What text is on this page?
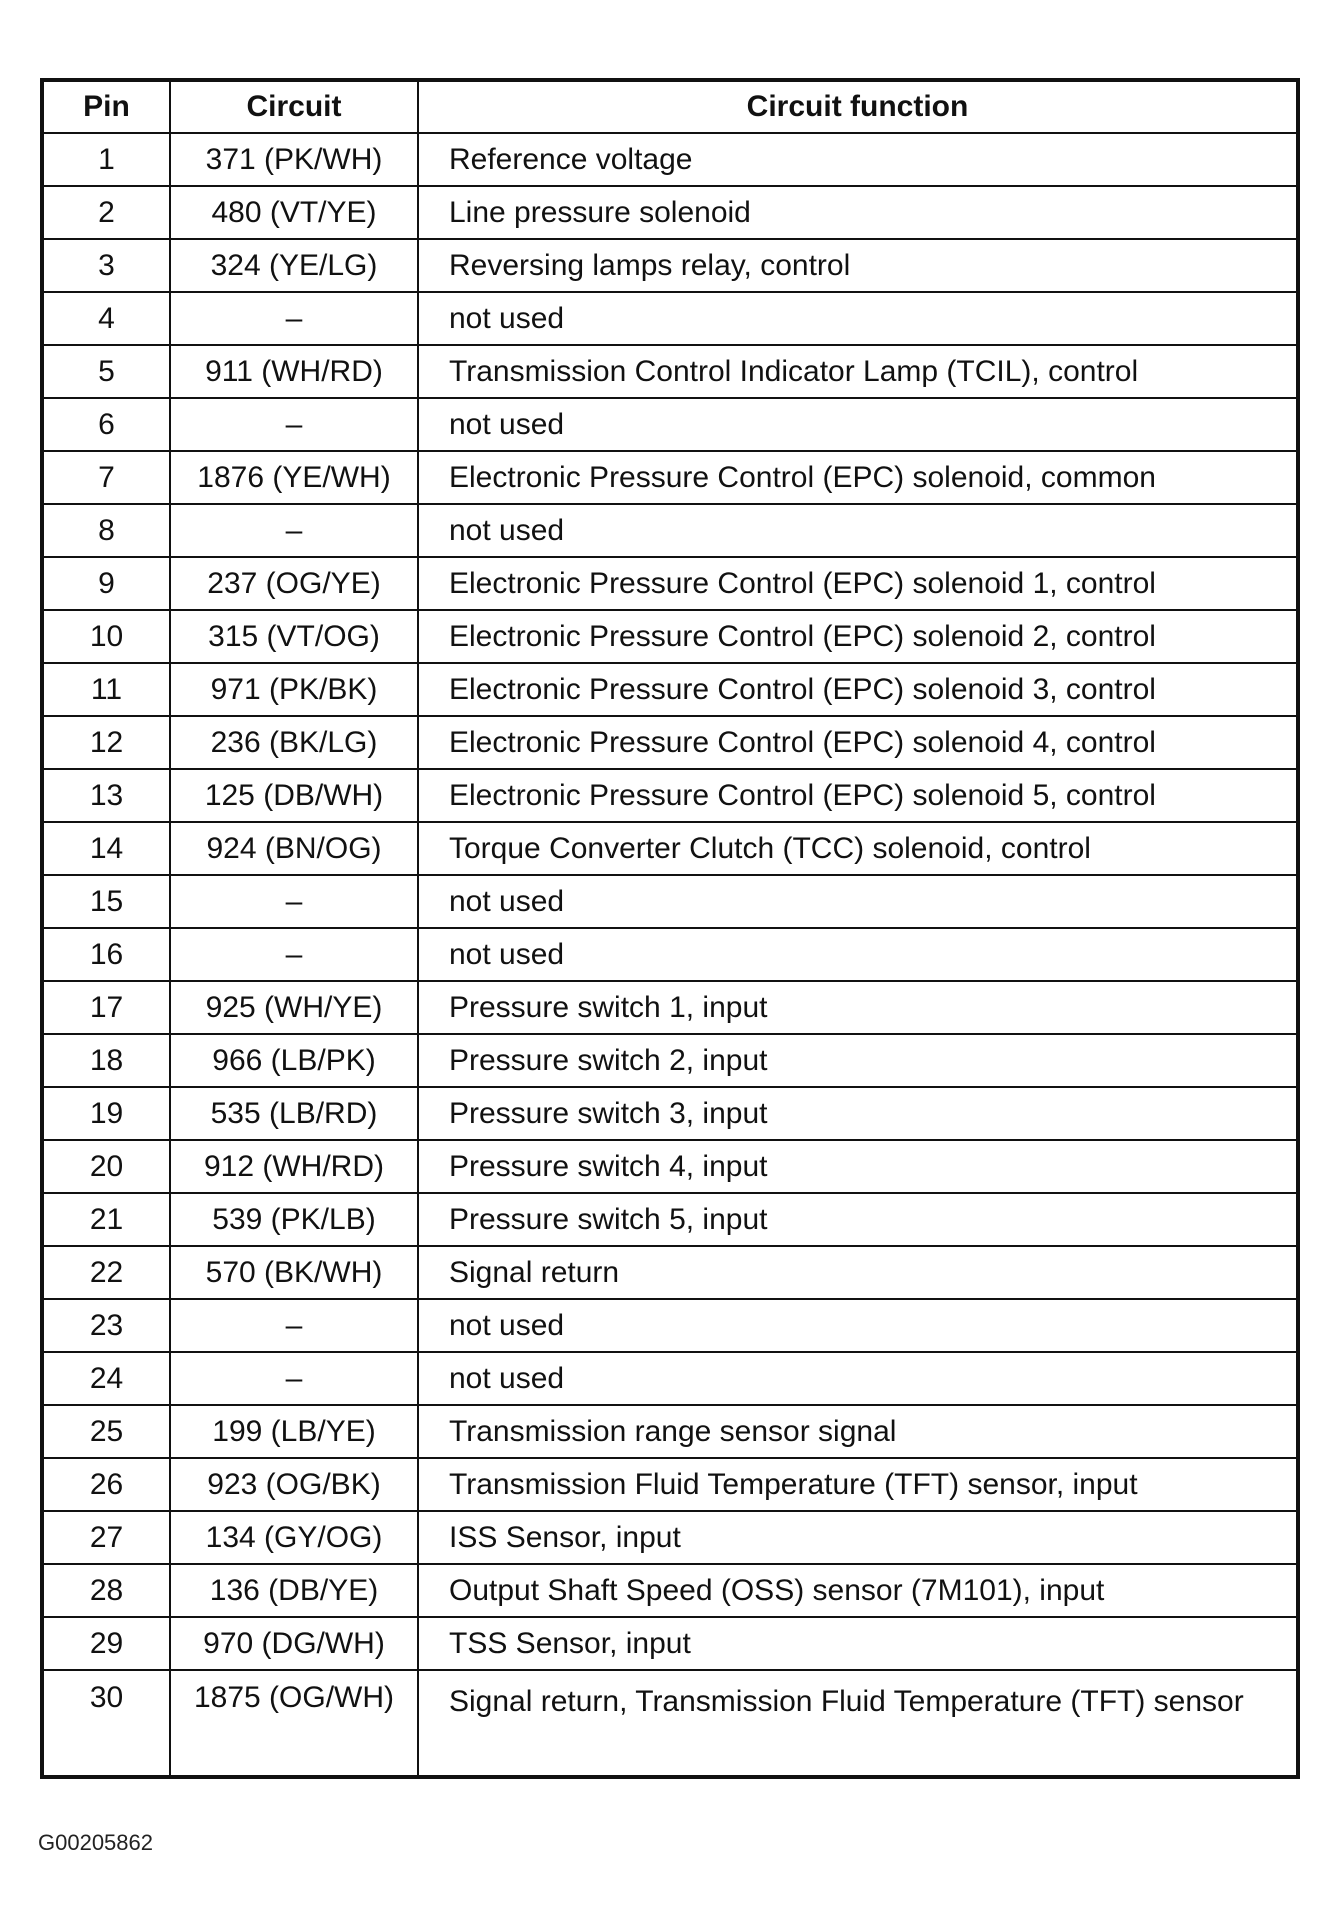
Pin	Circuit	Circuit function
1	371 (PK/WH)	Reference voltage
2	480 (VT/YE)	Line pressure solenoid
3	324 (YE/LG)	Reversing lamps relay, control
4	–	not used
5	911 (WH/RD)	Transmission Control Indicator Lamp (TCIL), control
6	–	not used
7	1876 (YE/WH)	Electronic Pressure Control (EPC) solenoid, common
8	–	not used
9	237 (OG/YE)	Electronic Pressure Control (EPC) solenoid 1, control
10	315 (VT/OG)	Electronic Pressure Control (EPC) solenoid 2, control
11	971 (PK/BK)	Electronic Pressure Control (EPC) solenoid 3, control
12	236 (BK/LG)	Electronic Pressure Control (EPC) solenoid 4, control
13	125 (DB/WH)	Electronic Pressure Control (EPC) solenoid 5, control
14	924 (BN/OG)	Torque Converter Clutch (TCC) solenoid, control
15	–	not used
16	–	not used
17	925 (WH/YE)	Pressure switch 1, input
18	966 (LB/PK)	Pressure switch 2, input
19	535 (LB/RD)	Pressure switch 3, input
20	912 (WH/RD)	Pressure switch 4, input
21	539 (PK/LB)	Pressure switch 5, input
22	570 (BK/WH)	Signal return
23	–	not used
24	–	not used
25	199 (LB/YE)	Transmission range sensor signal
26	923 (OG/BK)	Transmission Fluid Temperature (TFT) sensor, input
27	134 (GY/OG)	ISS Sensor, input
28	136 (DB/YE)	Output Shaft Speed (OSS) sensor (7M101), input
29	970 (DG/WH)	TSS Sensor, input
30	1875 (OG/WH)	Signal return, Transmission Fluid Temperature (TFT) sensor
G00205862
